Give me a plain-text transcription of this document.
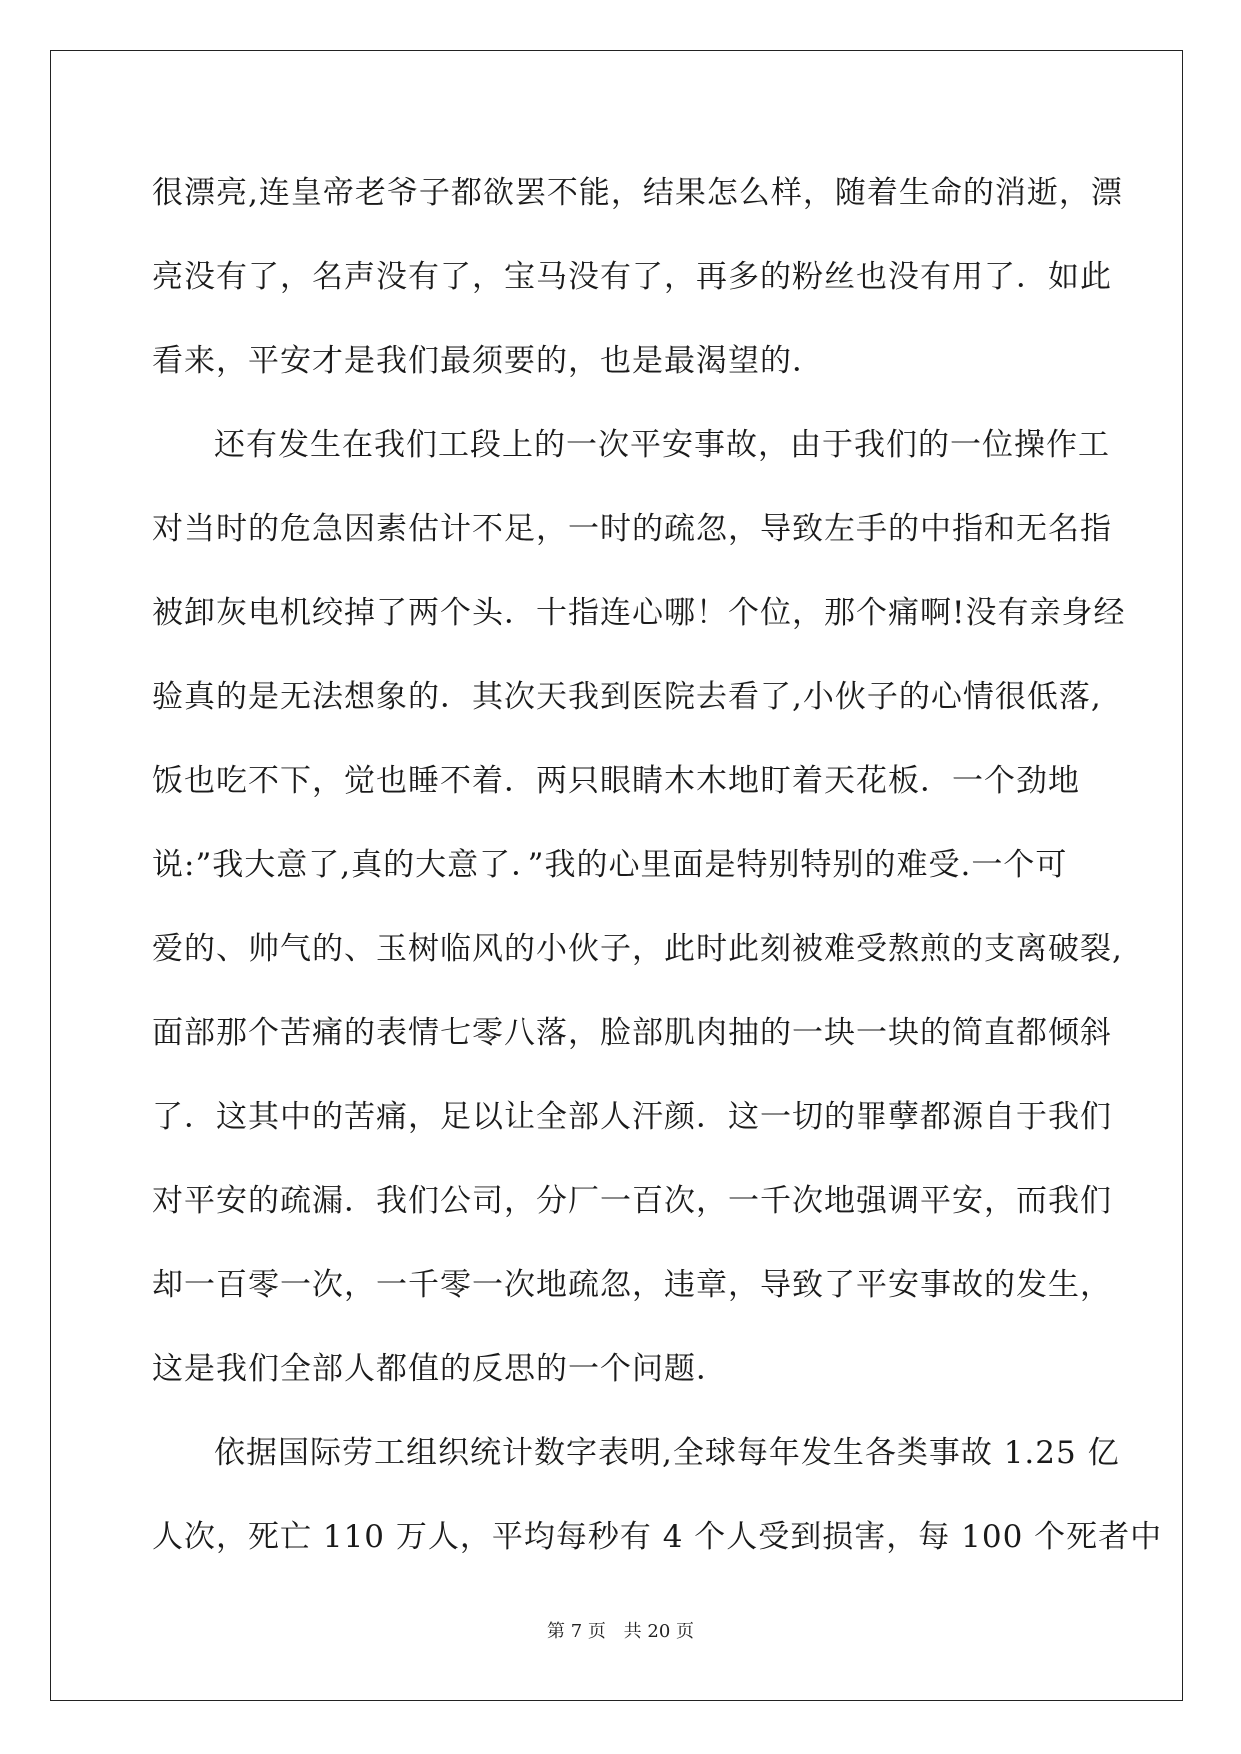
很漂亮,连皇帝老爷子都欲罢不能，结果怎么样，随着生命的消逝，漂
亮没有了，名声没有了，宝马没有了，再多的粉丝也没有用了．如此
看来，平安才是我们最须要的，也是最渴望的．
还有发生在我们工段上的一次平安事故，由于我们的一位操作工
对当时的危急因素估计不足，一时的疏忽，导致左手的中指和无名指
被卸灰电机绞掉了两个头．十指连心哪！个位，那个痛啊!没有亲身经
验真的是无法想象的．其次天我到医院去看了,小伙子的心情很低落,
饭也吃不下，觉也睡不着．两只眼睛木木地盯着天花板．一个劲地
说:”我大意了,真的大意了．”我的心里面是特别特别的难受.一个可
爱的、帅气的、玉树临风的小伙子，此时此刻被难受熬煎的支离破裂,
面部那个苦痛的表情七零八落，脸部肌肉抽的一块一块的简直都倾斜
了．这其中的苦痛，足以让全部人汗颜．这一切的罪孽都源自于我们
对平安的疏漏．我们公司，分厂一百次，一千次地强调平安，而我们
却一百零一次，一千零一次地疏忽，违章，导致了平安事故的发生，
这是我们全部人都值的反思的一个问题．
依据国际劳工组织统计数字表明,全球每年发生各类事故 1.25 亿
人次，死亡 110 万人，平均每秒有 4 个人受到损害，每 100 个死者中
第 7 页 共 20 页
